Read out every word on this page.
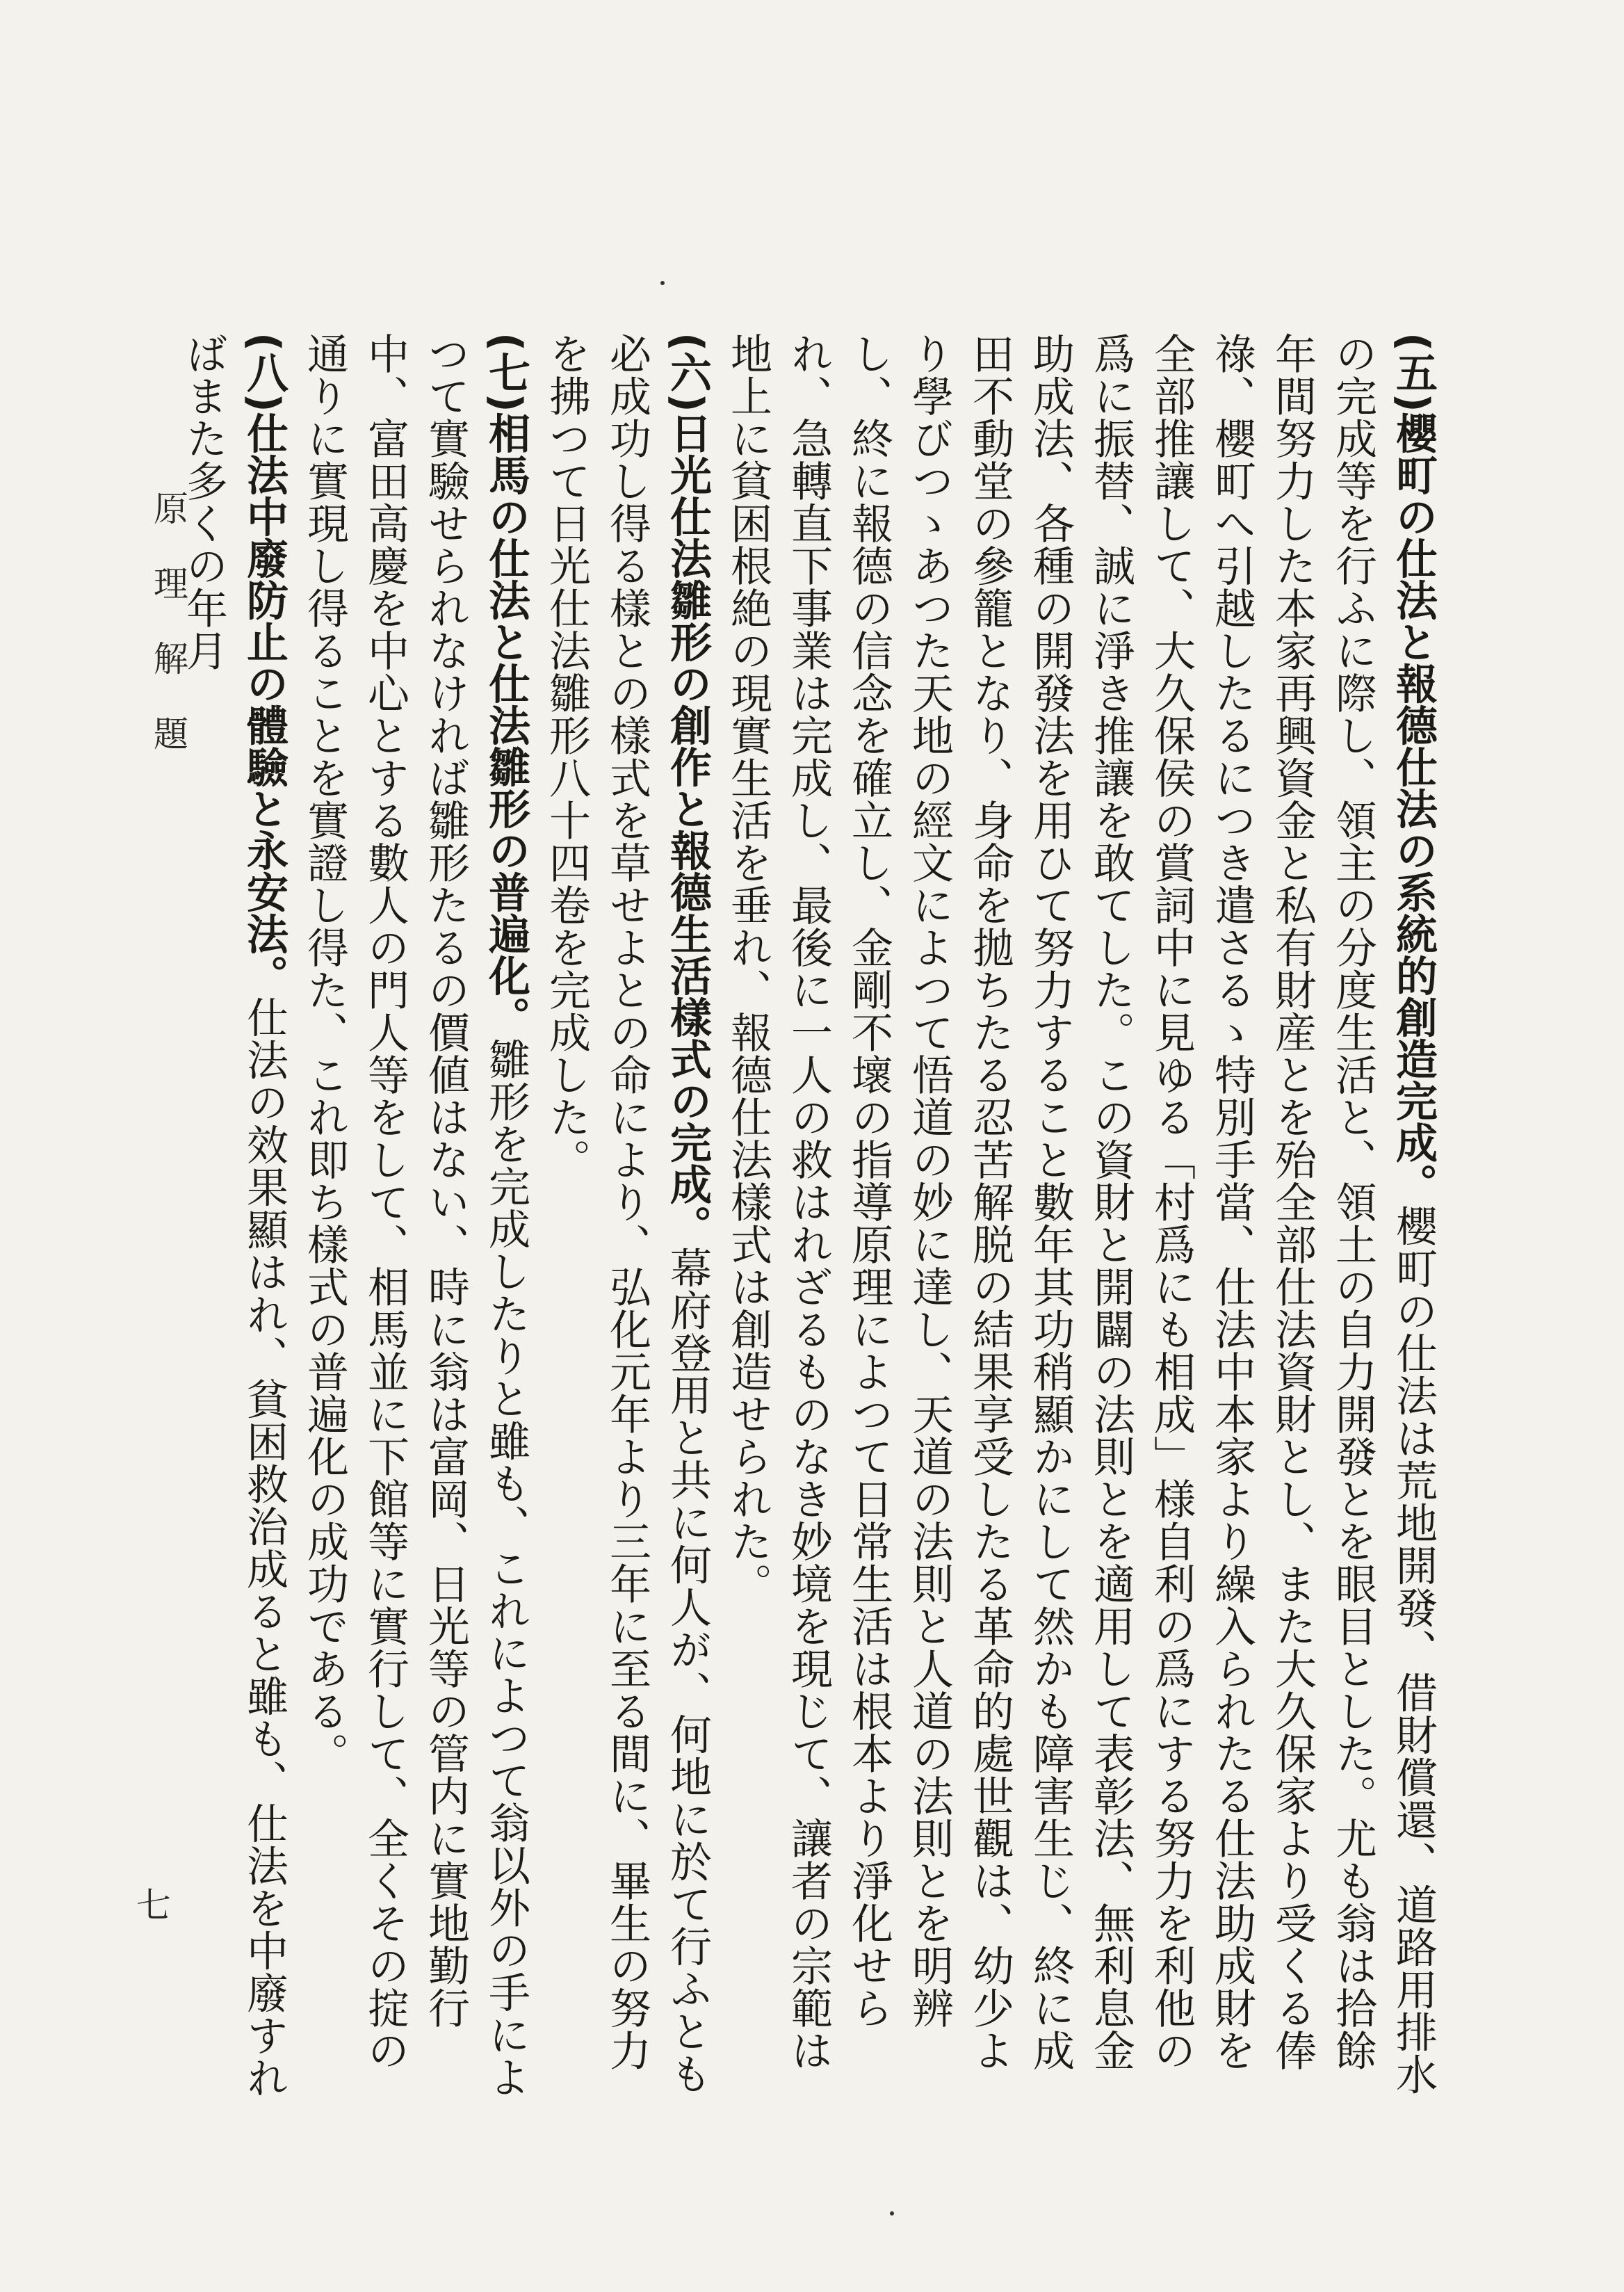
(五)櫻町の仕法と報德仕法の系統的創造完成。櫻町の仕法は荒地開發、借財償還、道路用排水の完成等を行ふに際し、領主の分度生活と、領土の自力開發とを眼目とした。尤も翁は拾餘年間努力した本家再興資金と私有財産とを殆全部仕法資財とし、また大久保家より受くる俸祿、櫻町へ引越したるにつき遣さるゝ特別手當、仕法中本家より繰入られたる仕法助成財を全部推讓して、大久保侯の賞詞中に見ゆる「村爲にも相成」様自利の爲にする努力を利他の爲に振替、誠に淨き推讓を敢てした。この資財と開闢の法則とを適用して表彰法、無利息金助成法、各種の開發法を用ひて努力すること數年其功稍顯かにして然かも障害生じ、終に成田不動堂の參籠となり、身命を拋ちたる忍苦解脱の結果享受したる革命的處世觀は、幼少より學びつゝあつた天地の經文によつて悟道の妙に達し、天道の法則と人道の法則とを明辨し、終に報德の信念を確立し、金剛不壞の指導原理によつて日常生活は根本より淨化せられ、急轉直下事業は完成し、最後に一人の救はれざるものなき妙境を現じて、讓者の宗範は地上に貧困根絶の現實生活を垂れ、報德仕法樣式は創造せられた。

(六)日光仕法雛形の創作と報德生活樣式の完成。幕府登用と共に何人が、何地に於て行ふとも必成功し得る樣との樣式を草せよとの命により、弘化元年より三年に至る間に、畢生の努力を拂つて日光仕法雛形八十四卷を完成した。

(七)相馬の仕法と仕法雛形の普遍化。雛形を完成したりと雖も、これによつて翁以外の手によつて實驗せられなければ雛形たるの價値はない、時に翁は富岡、日光等の管内に實地勤行中、富田高慶を中心とする數人の門人等をして、相馬並に下館等に實行して、全くその掟の通りに實現し得ることを實證し得た、これ即ち樣式の普遍化の成功である。

(八)仕法中廢防止の體驗と永安法。仕法の效果顯はれ、貧困救治成ると雖も、仕法を中廢すればまた多くの年月

原理解題
七
